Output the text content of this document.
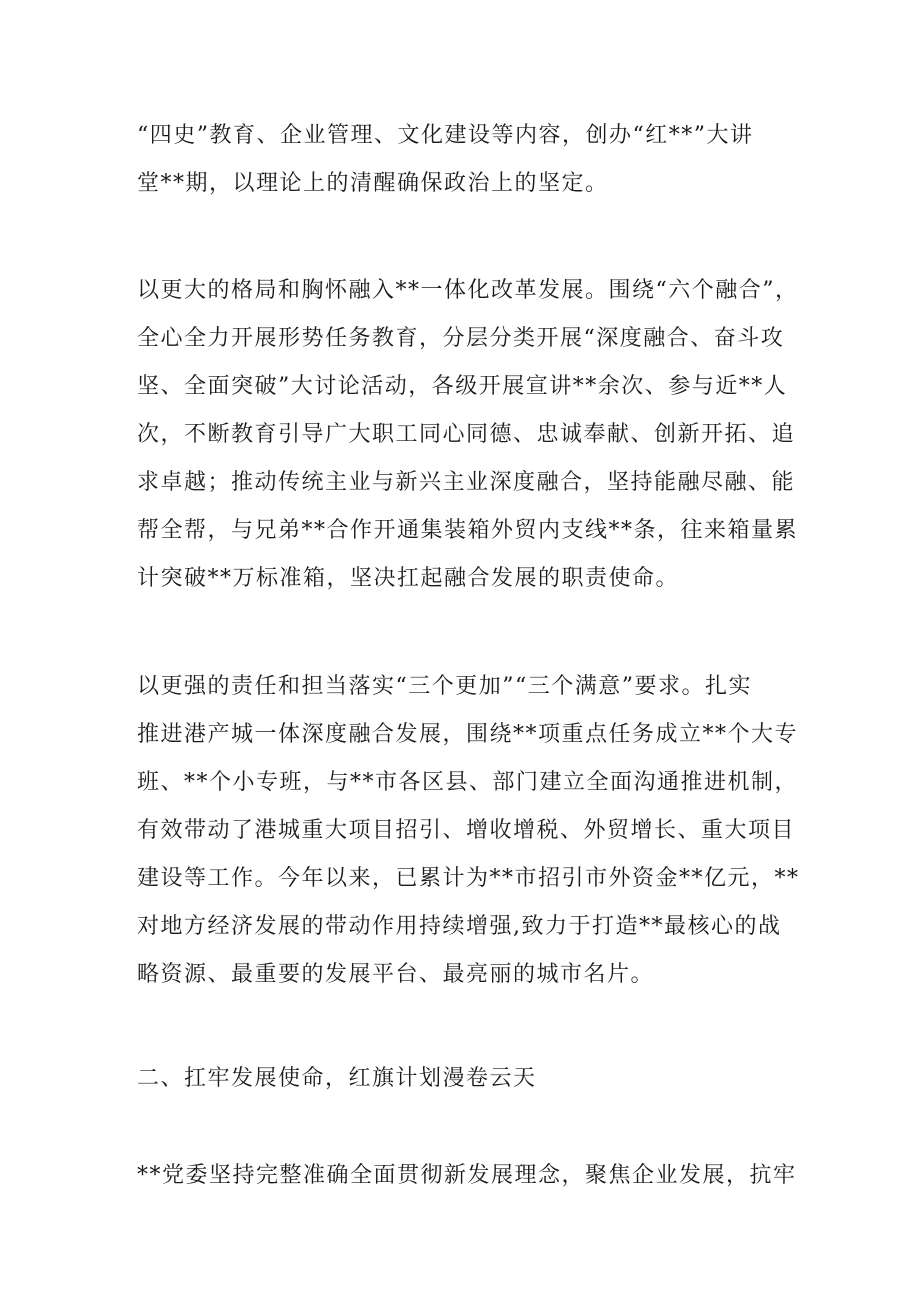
“四史”教育、企业管理、文化建设等内容，创办“红**”大讲
堂**期，以理论上的清醒确保政治上的坚定。
以更大的格局和胸怀融入**一体化改革发展。围绕“六个融合”，
全心全力开展形势任务教育，分层分类开展“深度融合、奋斗攻
坚、全面突破”大讨论活动，各级开展宣讲**余次、参与近**人
次，不断教育引导广大职工同心同德、忠诚奉献、创新开拓、追
求卓越；推动传统主业与新兴主业深度融合，坚持能融尽融、能
帮全帮，与兄弟**合作开通集装箱外贸内支线**条，往来箱量累
计突破**万标准箱，坚决扛起融合发展的职责使命。
以更强的责任和担当落实“三个更加”“三个满意”要求。扎实
推进港产城一体深度融合发展，围绕**项重点任务成立**个大专
班、**个小专班，与**市各区县、部门建立全面沟通推进机制，
有效带动了港城重大项目招引、增收增税、外贸增长、重大项目
建设等工作。今年以来，已累计为**市招引市外资金**亿元，**
对地方经济发展的带动作用持续增强,致力于打造**最核心的战
略资源、最重要的发展平台、最亮丽的城市名片。
二、扛牢发展使命，红旗计划漫卷云天
**党委坚持完整准确全面贯彻新发展理念，聚焦企业发展，抗牢
